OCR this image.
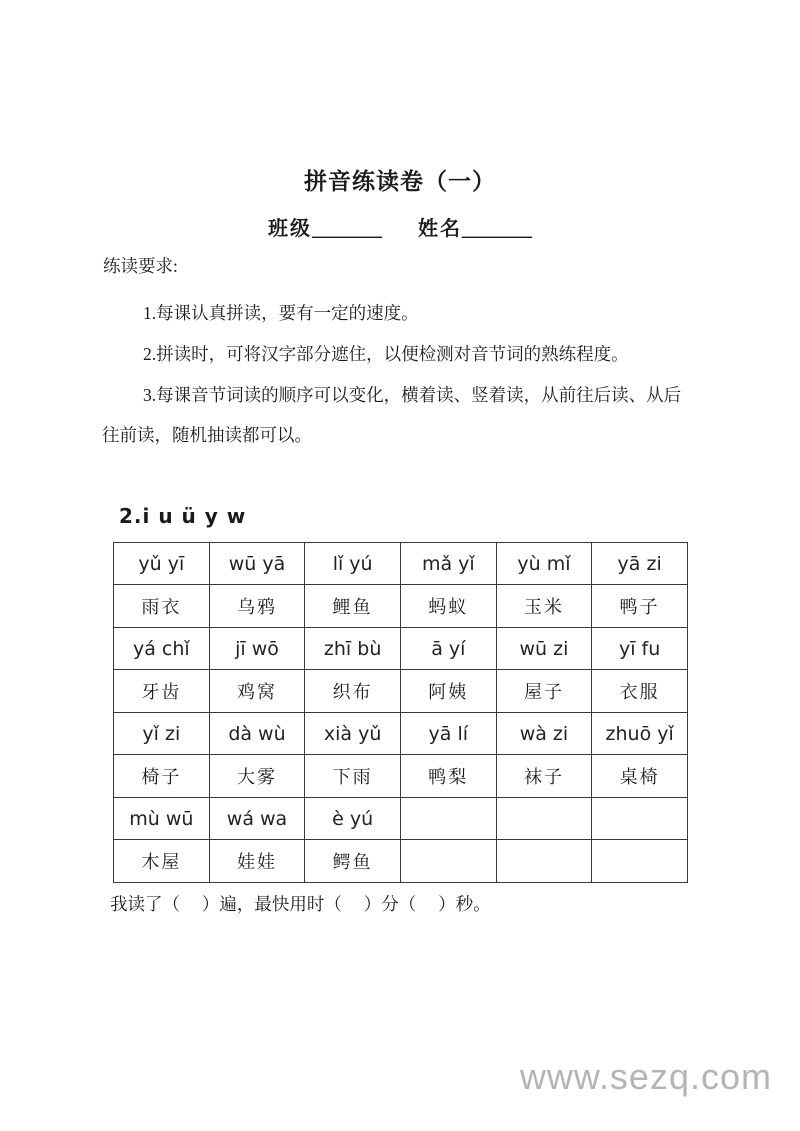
拼音练读卷（一）
班级_______ 姓名_______
练读要求:

1.每课认真拼读，要有一定的速度。

2.拼读时，可将汉字部分遮住，以便检测对音节词的熟练程度。

3.每课音节词读的顺序可以变化，横着读、竖着读，从前往后读、从后往前读，随机抽读都可以。

2.i u ü y w
yǔ yī	wū yā	lǐ yú	mǎ yǐ	yù mǐ	yā zi
雨衣	乌鸦	鲤鱼	蚂蚁	玉米	鸭子
yá chǐ	jī wō	zhī bù	ā yí	wū zi	yī fu
牙齿	鸡窝	织布	阿姨	屋子	衣服
yǐ zi	dà wù	xià yǔ	yā lí	wà zi	zhuō yǐ
椅子	大雾	下雨	鸭梨	袜子	桌椅
mù wū	wá wa	è yú			
木屋	娃娃	鳄鱼			
我读了（　 ）遍，最快用时（　 ）分（　 ）秒。
www.sezq.com
